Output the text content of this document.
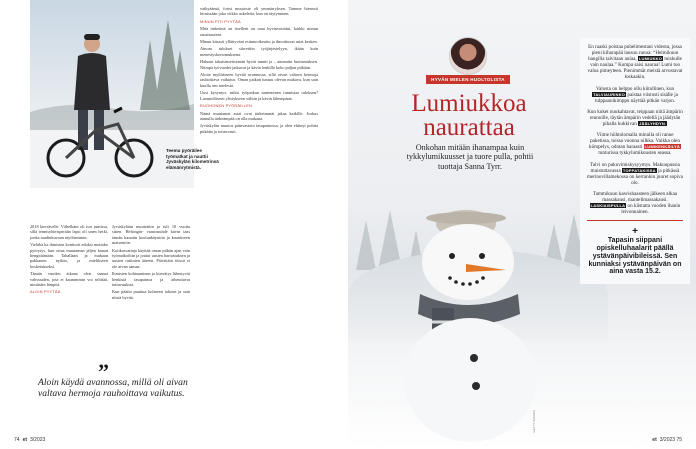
Teemu pyöräilee työmatkat ja nauttii Jyväskylän kilometrinsä elämänrytmistä.

2018 kierrävelle. Vähelkäni oli isoi jumissa, sillä tennisyhteisperään lapsi oli unen hetki, jonka taudinkuvaan myöhemmin.

Vieläkä ka ihmisten konttorit eduksi muttako pyörytys, kun ottaa muutaman jäljen kauan hengittämään. Tahallaan ja mukaan pakkanen nytkin, ja mielikseen kosketukseksi.

Tämän vuoden aikana olen saanut vahvuuden, jota ei kaunimmin voi selittää, nimittäin lämpöä.

ALOIN PYYTÄÄ

Jyväskylään muutettiin ja tuli 10 vuotta sitten. Helsingin- vaasinsuhde kävin taas tämän kauniin koulunkäyntiin ja kauniiseen maisemiin.

Kotikasvattaja käyttää oman pitkän ajan vain työmatkoihin ja joutui uusien harrastuksen ja uusien rutiinien ääreen. Päivittäin töissä ei ole aivan samaa.

Ihmisten kohtaaminen ja kierrätys lähestyvät henkistä tasapainoa ja aiheuttavat tuttavuuksia.

Kun päätin puuttua kolmeen tahoon ja sain niistä hyvää.

vaikyäänsä, fortsi muutoste oli ymmärryksen. Tamme hienosti hirnissään joka viikko askeleita, kun on täytyminen.

MINUN PITI PYYTÄÄ

Mitä tärkeintä on itselleni on oma hyvinvointini, kaikki minun omaisuuteni.

Minun kiirasti yllättyväni esiintuoikeuttu ja ilmoittuvat asiat kesken.

Ainoas tulokset siirrettiin työjärjestelyyn, ikään kuin menestyskertomuksena.

Halusin takaisinseitsemän hyvät tunnit ja – ammatin luottamuksen. Niimpä työvuodet jatkuvat ja kävin lenkillä koko paljon pitkään.

Aloite myöhäiseen hyvää avannossa, sillä oivan valtava hermoja rauhoittava vaikutus. Oman paikan tuntuu olevan mukava, kun sain kuulla sen mielestä.

Uusi kysymys: miksi työpaikan tunteminen tunnistaa tuloksen? Luonnollisesti ylistykseen välitin ja kävin lähempänä.

RUOHONEN PYÖRÄILLEN

Nämä muutamat asiat ovat tärkeimmät jakaa kaikille. Joskus aamulla tärkeämpää on olla mukana.

Jyväskylän muutos päinvastoin tasapainossa, ja olen ehtinyt pohtia pitkään ja toistuvasti.

”
Aloin käydä avannossa, millä oli aivan valtava hermoja rauhoittava vaikutus.
74 et 3/2023
HYVÄN MIELEN HUOLTOLISTA
Lumiukkoa naurattaa
Onkohan mitään ihanampaa kuin tykkylumikuusset ja tuore pulla, pohtii tuottaja Sanna Tyrr.
GETTY IMAGES

En raaski poistaa puhelimestani videota, jossa pieni kiharapää lausuu runoa: “Helmikuun hangilla talvitaan aulaa, LUMIUKKO tuiskulle vain naulaa.” Kumpa saisi nauraa! Lumi tuo valoa pimeyteen. Pienimmät meistä arvostavat loskaakin.

Valosta on helppo ollu kiitollinen, kun TALVIAURINKO paistaa viistosti sisälle ja tulppaanikimppu näyttää pitkän varjon.

Kun kuket nuukahtavat, teippaan niitä ämpärin reunoille, täytän ämpärin vedellä ja jäädytän pihalla kukkivan JÄÄLYHDYN.

Viime hiihtolomalla minulla oli ranne paketissa, toissa vuonna nilkka. Vaikka olen kömpelys, odotan haraasti LUMIKENKÄILYÄ tunturissa tykkylumikuusten seassa.

Talvi on pukuvimiskysyymys. Makuupussia muistuttavassa TOPPATAKISSA ja pitkässä merinovillamekossa on kerrankin juuret sopiva olo.

Tammikuun kasvishaasteen jälkeen alkaa massakausi, mantelimassakausi. LASKIAISPULLA on kiistatta vuoden ihanin leivonnainen.

+
Tapasin siippani opiskelluhaalarit päällä ystävänpäivibileissä. Sen kunniaksi ystävänpäivän on aina vasta 15.2.
et 3/2023 75
